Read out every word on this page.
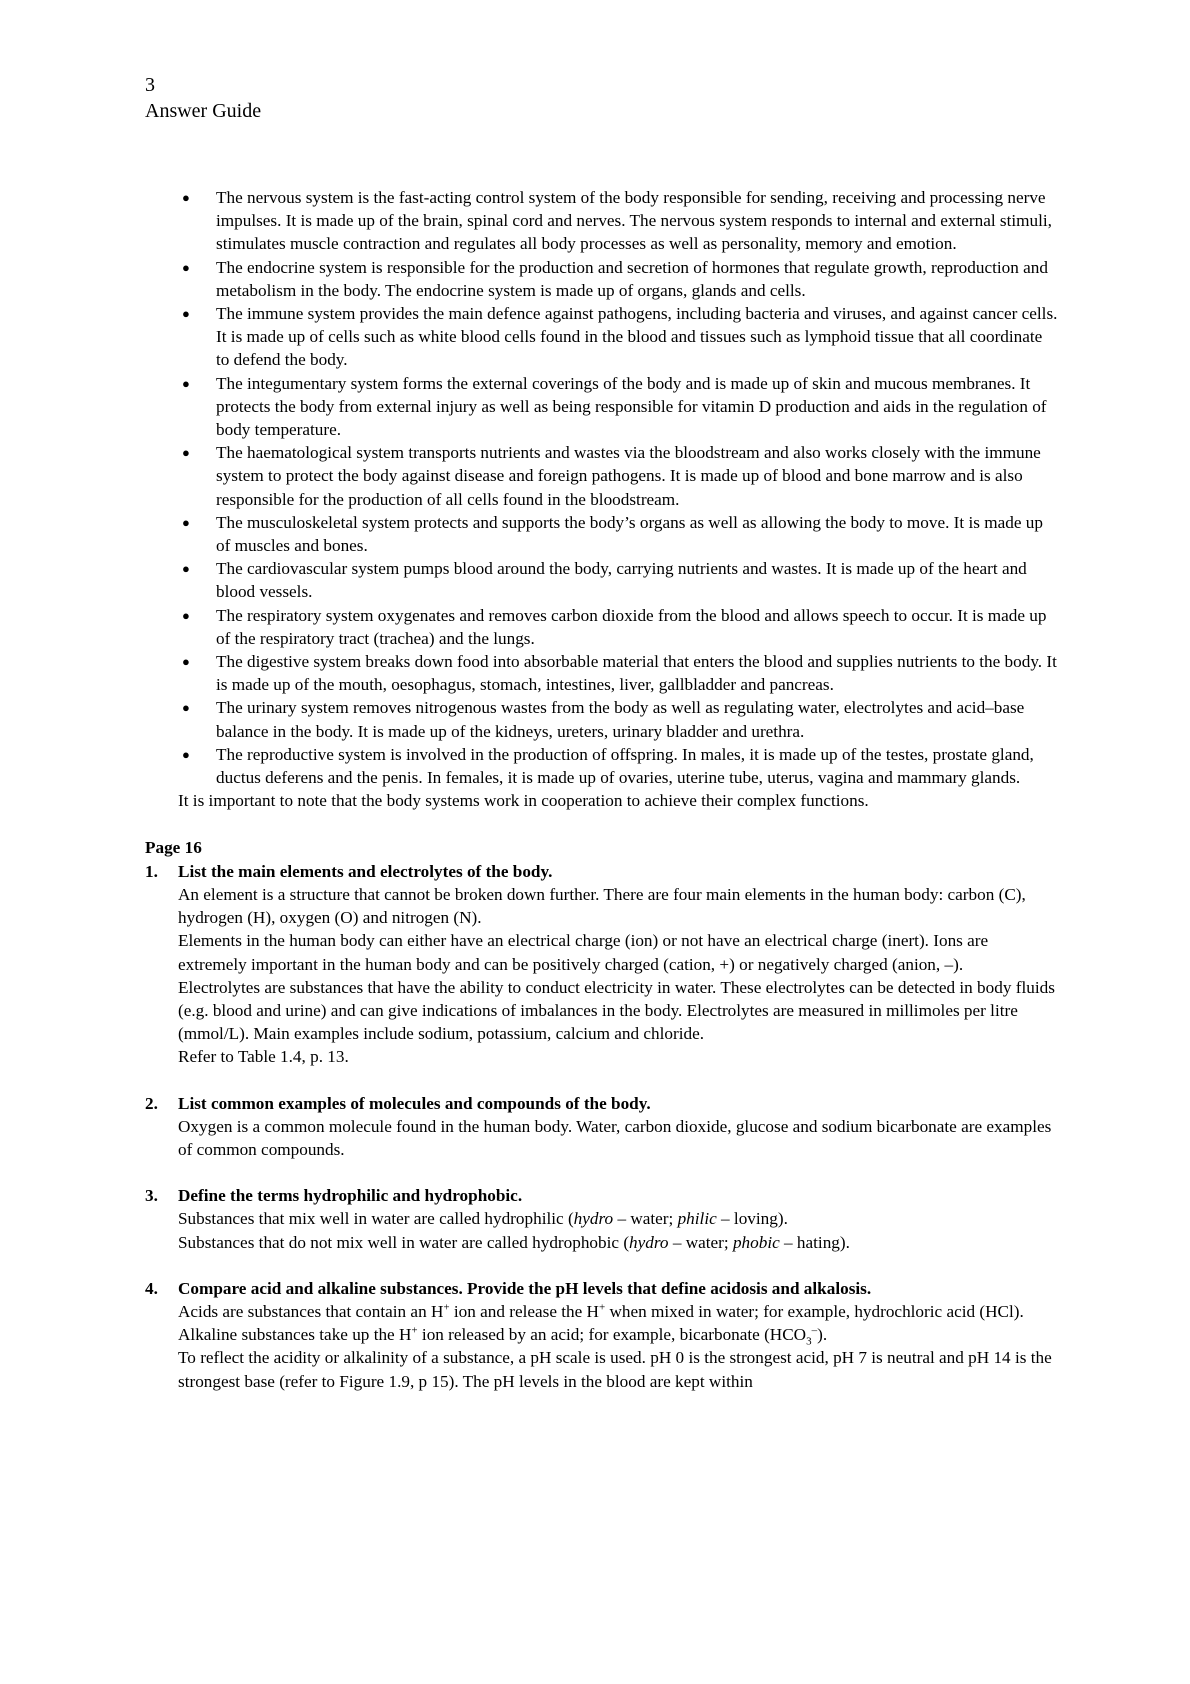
3
Answer Guide
● The nervous system is the fast-acting control system of the body responsible for sending, receiving and processing nerve impulses. It is made up of the brain, spinal cord and nerves. The nervous system responds to internal and external stimuli, stimulates muscle contraction and regulates all body processes as well as personality, memory and emotion.
● The endocrine system is responsible for the production and secretion of hormones that regulate growth, reproduction and metabolism in the body. The endocrine system is made up of organs, glands and cells.
● The immune system provides the main defence against pathogens, including bacteria and viruses, and against cancer cells. It is made up of cells such as white blood cells found in the blood and tissues such as lymphoid tissue that all coordinate to defend the body.
● The integumentary system forms the external coverings of the body and is made up of skin and mucous membranes. It protects the body from external injury as well as being responsible for vitamin D production and aids in the regulation of body temperature.
● The haematological system transports nutrients and wastes via the bloodstream and also works closely with the immune system to protect the body against disease and foreign pathogens. It is made up of blood and bone marrow and is also responsible for the production of all cells found in the bloodstream.
● The musculoskeletal system protects and supports the body’s organs as well as allowing the body to move. It is made up of muscles and bones.
● The cardiovascular system pumps blood around the body, carrying nutrients and wastes. It is made up of the heart and blood vessels.
● The respiratory system oxygenates and removes carbon dioxide from the blood and allows speech to occur. It is made up of the respiratory tract (trachea) and the lungs.
● The digestive system breaks down food into absorbable material that enters the blood and supplies nutrients to the body. It is made up of the mouth, oesophagus, stomach, intestines, liver, gallbladder and pancreas.
● The urinary system removes nitrogenous wastes from the body as well as regulating water, electrolytes and acid–base balance in the body. It is made up of the kidneys, ureters, urinary bladder and urethra.
● The reproductive system is involved in the production of offspring. In males, it is made up of the testes, prostate gland, ductus deferens and the penis. In females, it is made up of ovaries, uterine tube, uterus, vagina and mammary glands.

It is important to note that the body systems work in cooperation to achieve their complex functions.

Page 16
1. List the main elements and electrolytes of the body.

An element is a structure that cannot be broken down further. There are four main elements in the human body: carbon (C), hydrogen (H), oxygen (O) and nitrogen (N).

Elements in the human body can either have an electrical charge (ion) or not have an electrical charge (inert). Ions are extremely important in the human body and can be positively charged (cation, +) or negatively charged (anion, –).

Electrolytes are substances that have the ability to conduct electricity in water. These electrolytes can be detected in body fluids (e.g. blood and urine) and can give indications of imbalances in the body. Electrolytes are measured in millimoles per litre (mmol/L). Main examples include sodium, potassium, calcium and chloride.

Refer to Table 1.4, p. 13.

2. List common examples of molecules and compounds of the body.

Oxygen is a common molecule found in the human body. Water, carbon dioxide, glucose and sodium bicarbonate are examples of common compounds.

3. Define the terms hydrophilic and hydrophobic.

Substances that mix well in water are called hydrophilic (hydro – water; philic – loving).

Substances that do not mix well in water are called hydrophobic (hydro – water; phobic – hating).

4. Compare acid and alkaline substances. Provide the pH levels that define acidosis and alkalosis.

Acids are substances that contain an H+ ion and release the H+ when mixed in water; for example, hydrochloric acid (HCl). Alkaline substances take up the H+ ion released by an acid; for example, bicarbonate $(HCO_3^-)$.

To reflect the acidity or alkalinity of a substance, a pH scale is used. pH 0 is the strongest acid, pH 7 is neutral and pH 14 is the strongest base (refer to Figure 1.9, p 15). The pH levels in the blood are kept within
